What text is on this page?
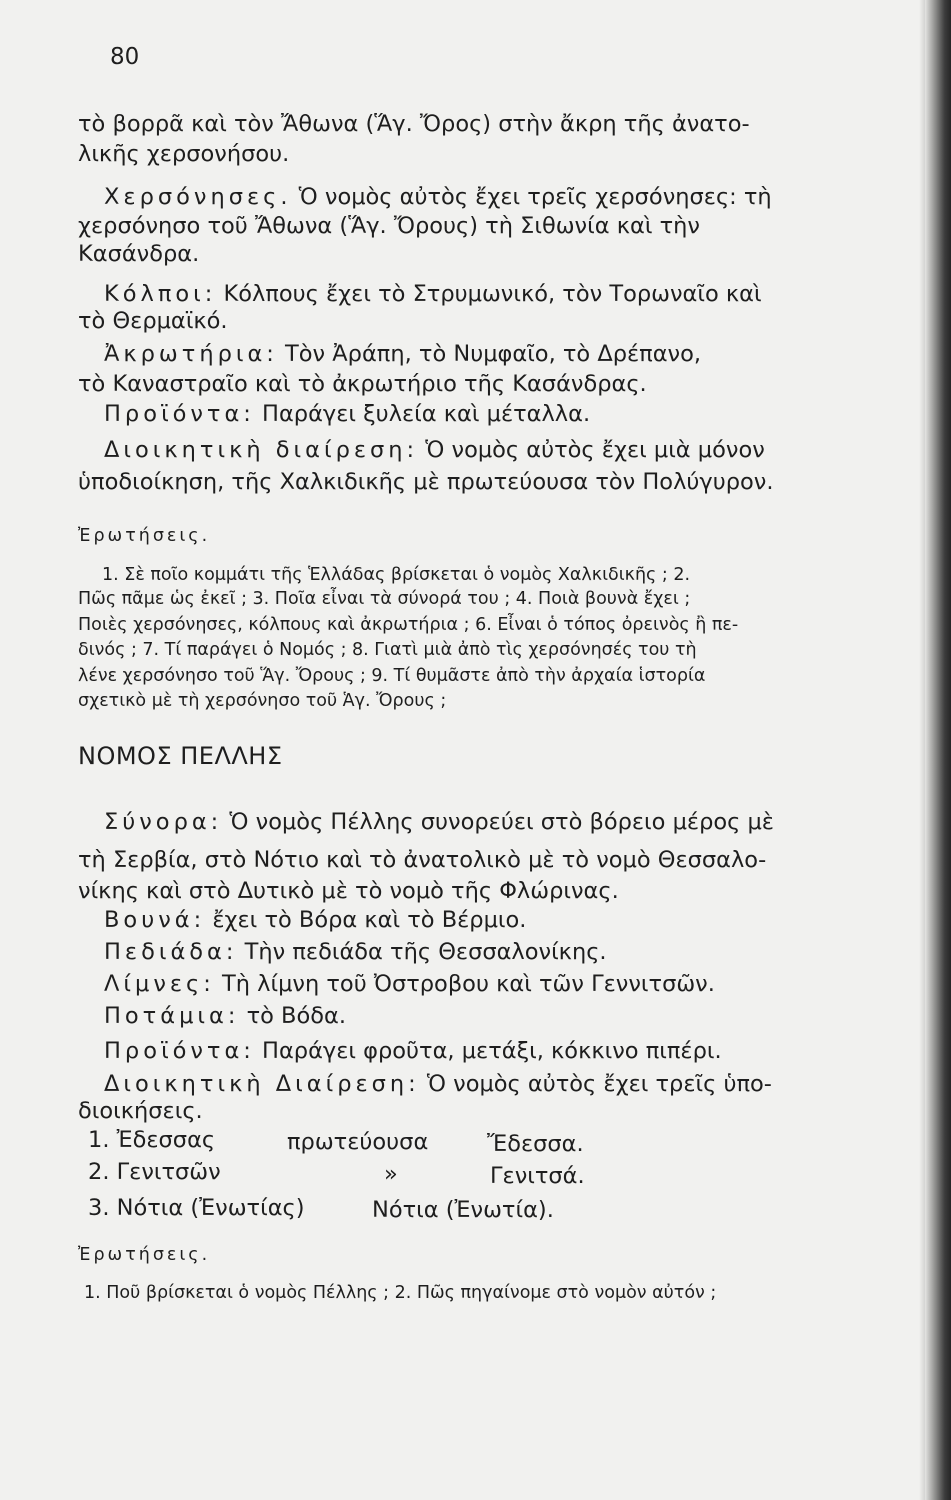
80
τὸ βορρᾶ καὶ τὸν Ἄθωνα (Ἅγ. Ὄρος) στὴν ἄκρη τῆς ἀνατο-
λικῆς χερσονήσου.
Χερσόνησες. Ὁ νομὸς αὐτὸς ἔχει τρεῖς χερσόνησες: τὴ
χερσόνησο τοῦ Ἄθωνα (Ἅγ. Ὄρους) τὴ Σιθωνία καὶ τὴν
Κασάνδρα.
Κόλποι: Κόλπους ἔχει τὸ Στρυμωνικό, τὸν Τορωναῖο καὶ
τὸ Θερμαϊκό.
Ἀκρωτήρια: Τὸν Ἀράπη, τὸ Νυμφαῖο, τὸ Δρέπανο,
τὸ Καναστραῖο καὶ τὸ ἀκρωτήριο τῆς Κασάνδρας.
Προϊόντα: Παράγει ξυλεία καὶ μέταλλα.
Διοικητικὴ διαίρεση: Ὁ νομὸς αὐτὸς ἔχει μιὰ μόνον
ὑποδιοίκηση, τῆς Χαλκιδικῆς μὲ πρωτεύουσα τὸν Πολύγυρον.
Ἐρωτήσεις.
1. Σὲ ποῖο κομμάτι τῆς Ἑλλάδας βρίσκεται ὁ νομὸς Χαλκιδικῆς ; 2.
Πῶς πᾶμε ὡς ἐκεῖ ; 3. Ποῖα εἶναι τὰ σύνορά του ; 4. Ποιὰ βουνὰ ἔχει ;
Ποιὲς χερσόνησες, κόλπους καὶ ἀκρωτήρια ; 6. Εἶναι ὁ τόπος ὀρεινὸς ἢ πε-
δινός ; 7. Τί παράγει ὁ Νομός ; 8. Γιατὶ μιὰ ἀπὸ τὶς χερσόνησές του τὴ
λένε χερσόνησο τοῦ Ἅγ. Ὄρους ; 9. Τί θυμᾶστε ἀπὸ τὴν ἀρχαία ἱστορία
σχετικὸ μὲ τὴ χερσόνησο τοῦ Ἁγ. Ὄρους ;
ΝΟΜΟΣ ΠΕΛΛΗΣ
Σύνορα: Ὁ νομὸς Πέλλης συνορεύει στὸ βόρειο μέρος μὲ
τὴ Σερβία, στὸ Νότιο καὶ τὸ ἀνατολικὸ μὲ τὸ νομὸ Θεσσαλο-
νίκης καὶ στὸ Δυτικὸ μὲ τὸ νομὸ τῆς Φλώρινας.
Βουνά: ἔχει τὸ Βόρα καὶ τὸ Βέρμιο.
Πεδιάδα: Τὴν πεδιάδα τῆς Θεσσαλονίκης.
Λίμνες: Τὴ λίμνη τοῦ Ὀστροβου καὶ τῶν Γεννιτσῶν.
Ποτάμια: τὸ Βόδα.
Προϊόντα: Παράγει φροῦτα, μετάξι, κόκκινο πιπέρι.
Διοικητικὴ Διαίρεση: Ὁ νομὸς αὐτὸς ἔχει τρεῖς ὑπο-
διοικήσεις.
1. Ἐδεσσας	πρωτεύουσα	Ἔδεσσα.
2. Γενιτσῶν	»	Γενιτσά.
3. Νότια (Ἐνωτίας)	Νότια (Ἐνωτία).
Ἐρωτήσεις.
1. Ποῦ βρίσκεται ὁ νομὸς Πέλλης ; 2. Πῶς πηγαίνομε στὸ νομὸν αὐτόν ;
